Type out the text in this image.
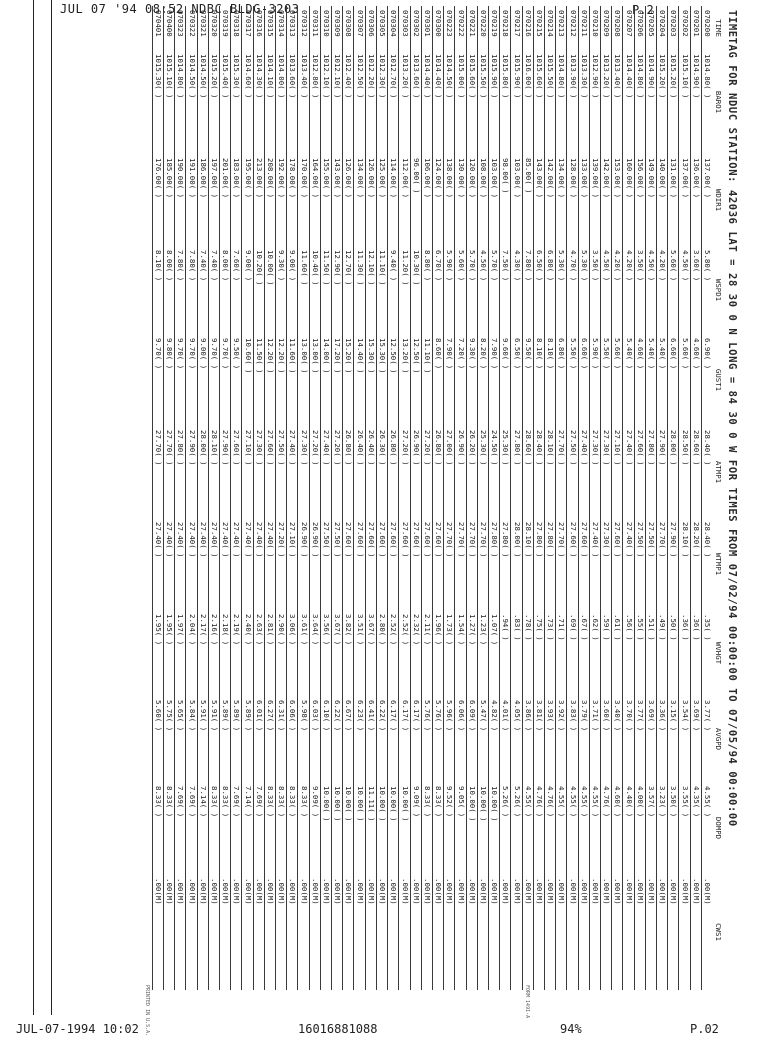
JUL 07 '94 08:52 NDBC BLDG-3203	P.2	TIMETAG FOR NDUC STATION: 42036 LAT = 28 30 0 N LONG = 84 30 0 W FOR TIMES FROM 07/02/94 00:00:00 TO 07/05/94 00:00:00
TIME	BARO1	WDIR1	WSPD1	GUST1	ATMP1	WTMP1	WVHGT	AVGPD	DOMPD	CWS1
070200	1014.80( )	137.00( )	5.80( )	6.90( )	28.40( )	28.40( )	.35( )	3.77( )	4.55( )	.00(M)
070201	1014.90( )	136.00( )	3.60( )	4.60( )	28.60( )	28.20( )	.36( )	3.69( )	4.35( )	.00(M)
070202	1015.10( )	137.00( )	4.50( )	5.60( )	28.50( )	28.10( )	.36( )	3.54( )	3.55( )	.00(M)
070203	1015.20( )	131.00( )	5.60( )	6.60( )	28.00( )	27.90( )	.50( )	3.15( )	3.50( )	.00(M)
070204	1015.20( )	140.00( )	4.20( )	5.40( )	27.90( )	27.70( )	.49( )	3.36( )	3.23( )	.00(M)
070205	1014.90( )	149.00( )	4.50( )	5.40( )	27.80( )	27.50( )	.51( )	3.69( )	3.57( )	.00(M)
070206	1014.80( )	156.00( )	3.50( )	4.60( )	27.60( )	27.50( )	.55( )	3.77( )	4.00( )	.00(M)
070207	1014.40( )	160.00( )	4.20( )	5.40( )	27.40( )	27.40( )	.56( )	3.70( )	4.40( )	.00(M)
070208	1013.40( )	153.00( )	4.20( )	5.60( )	27.10( )	27.60( )	.61( )	3.40( )	4.60( )	.00(M)
070209	1013.20( )	142.00( )	4.50( )	5.50( )	27.30( )	27.30( )	.59( )	3.60( )	4.76( )	.00(M)
070210	1012.90( )	139.00( )	3.50( )	5.90( )	27.30( )	27.40( )	.62( )	3.71( )	4.55( )	.00(M)
070211	1013.30( )	133.00( )	5.30( )	6.60( )	27.40( )	27.60( )	.67( )	3.79( )	4.55( )	.00(M)
070212	1013.90( )	128.00( )	4.70( )	5.50( )	27.50( )	27.60( )	.69( )	3.83( )	4.55( )	.00(M)
070213	1014.80( )	134.00( )	5.30( )	6.80( )	27.70( )	27.70( )	.71( )	3.92( )	4.55( )	.00(M)
070214	1015.50( )	142.00( )	6.80( )	8.10( )	28.10( )	27.80( )	.73( )	3.93( )	4.76( )	.00(M)
070215	1015.60( )	143.00( )	6.50( )	8.10( )	28.40( )	27.80( )	.75( )	3.81( )	4.76( )	.00(M)
070216	1016.00( )	85.00( )	7.80( )	9.50( )	28.60( )	28.10( )	.78( )	3.86( )	4.55( )	.00(M)
070217	1015.90( )	103.00( )	4.30( )	6.50( )	27.80( )	28.00( )	.83( )	4.05( )	5.26( )	.00(M)
070218	1015.80( )	98.00( )	7.50( )	9.60( )	25.30( )	27.80( )	.94( )	4.01( )	5.26( )	.00(M)
070219	1015.90( )	103.00( )	5.70( )	7.90( )	24.50( )	27.80( )	1.07( )	4.82( )	10.00( )	.00(M)
070220	1015.50( )	108.00( )	4.50( )	8.20( )	25.30( )	27.70( )	1.23( )	5.47( )	10.00( )	.00(M)
070221	1015.60( )	120.00( )	5.70( )	9.30( )	26.20( )	27.70( )	1.27( )	6.09( )	10.00( )	.00(M)
070222	1015.00( )	130.00( )	5.60( )	7.20( )	26.90( )	27.70( )	1.54( )	6.06( )	9.05( )	.00(M)
070223	1014.50( )	138.00( )	5.90( )	7.90( )	27.00( )	27.70( )	1.73( )	5.96( )	9.52( )	.00(M)
070300	1014.40( )	124.00( )	6.70( )	8.60( )	26.80( )	27.60( )	1.96( )	5.76( )	8.33( )	.00(M)
070301	1014.40( )	106.00( )	8.80( )	11.10( )	27.20( )	27.60( )	2.11( )	5.76( )	8.33( )	.00(M)
070302	1013.60( )	96.00( )	10.30( )	12.50( )	26.90( )	27.60( )	2.32( )	6.17( )	9.09( )	.00(M)
070303	1013.20( )	112.00( )	11.20( )	13.20( )	27.20( )	27.60( )	2.52( )	6.17( )	10.00( )	.00(M)
070304	1012.70( )	114.00( )	9.40( )	12.50( )	26.80( )	27.60( )	2.52( )	6.17( )	10.00( )	.00(M)
070305	1012.30( )	125.00( )	11.10( )	15.30( )	26.30( )	27.60( )	2.80( )	6.22( )	10.00( )	.00(M)
070306	1012.20( )	126.00( )	12.10( )	15.30( )	26.40( )	27.60( )	3.67( )	6.41( )	11.11( )	.00(M)
070307	1012.50( )	134.00( )	11.30( )	14.40( )	26.40( )	27.60( )	3.51( )	6.23( )	10.00( )	.00(M)
070308	1012.40( )	126.00( )	12.70( )	15.20( )	26.80( )	27.60( )	3.82( )	6.67( )	10.00( )	.00(M)
070309	1012.10( )	143.00( )	12.90( )	17.20( )	27.20( )	27.50( )	3.67( )	6.22( )	10.00( )	.00(M)
070310	1012.10( )	155.00( )	11.50( )	14.00( )	27.40( )	27.50( )	3.56( )	6.10( )	10.00( )	.00(M)
070311	1012.80( )	164.00( )	10.40( )	13.00( )	27.20( )	26.90( )	3.64( )	6.03( )	9.09( )	.00(M)
070312	1013.40( )	170.00( )	11.60( )	13.00( )	27.30( )	26.90( )	3.61( )	5.98( )	8.33( )	.00(M)
070313	1013.60( )	178.00( )	9.00( )	11.60( )	27.40( )	27.10( )	3.06( )	6.06( )	8.33( )	.00(M)
070314	1014.00( )	192.00( )	9.30( )	12.20( )	27.50( )	27.20( )	2.90( )	6.31( )	8.33( )	.00(M)
070315	1014.10( )	208.00( )	10.00( )	12.20( )	27.60( )	27.40( )	2.81( )	6.27( )	8.33( )	.00(M)
070316	1014.30( )	213.00( )	10.20( )	11.50( )	27.30( )	27.40( )	2.63( )	6.01( )	7.69( )	.00(M)
070317	1014.60( )	195.00( )	9.00( )	10.60( )	27.10( )	27.40( )	2.40( )	5.89( )	7.14( )	.00(M)
070318	1015.30( )	183.00( )	7.60( )	9.50( )	27.60( )	27.40( )	2.19( )	5.89( )	7.69( )	.00(M)
070319	1015.40( )	201.00( )	8.00( )	9.70( )	27.90( )	27.40( )	2.18( )	5.89( )	8.33( )	.00(M)
070320	1015.20( )	197.00( )	7.40( )	9.70( )	28.10( )	27.40( )	2.16( )	5.91( )	8.33( )	.00(M)
070321	1014.50( )	186.00( )	7.40( )	9.00( )	28.00( )	27.40( )	2.17( )	5.91( )	7.14( )	.00(M)
070322	1014.50( )	191.00( )	7.80( )	9.70( )	27.90( )	27.40( )	2.04( )	5.84( )	7.69( )	.00(M)
070323	1014.80( )	190.00( )	7.80( )	9.70( )	27.80( )	27.40( )	1.97( )	5.65( )	7.69( )	.00(M)
070400	1015.10( )	185.00( )	8.00( )	9.80( )	27.70( )	27.40( )	1.95( )	5.75( )	8.33( )	.00(M)
070401	1015.30( )	176.00( )	8.10( )	9.70( )	27.70( )	27.40( )	1.95( )	5.60( )	8.33( )	.00(M)
PRINTED IN U.S.A.	FORM 1491-A
JUL-07-1994 10:02	16016881088	94%	P.02
